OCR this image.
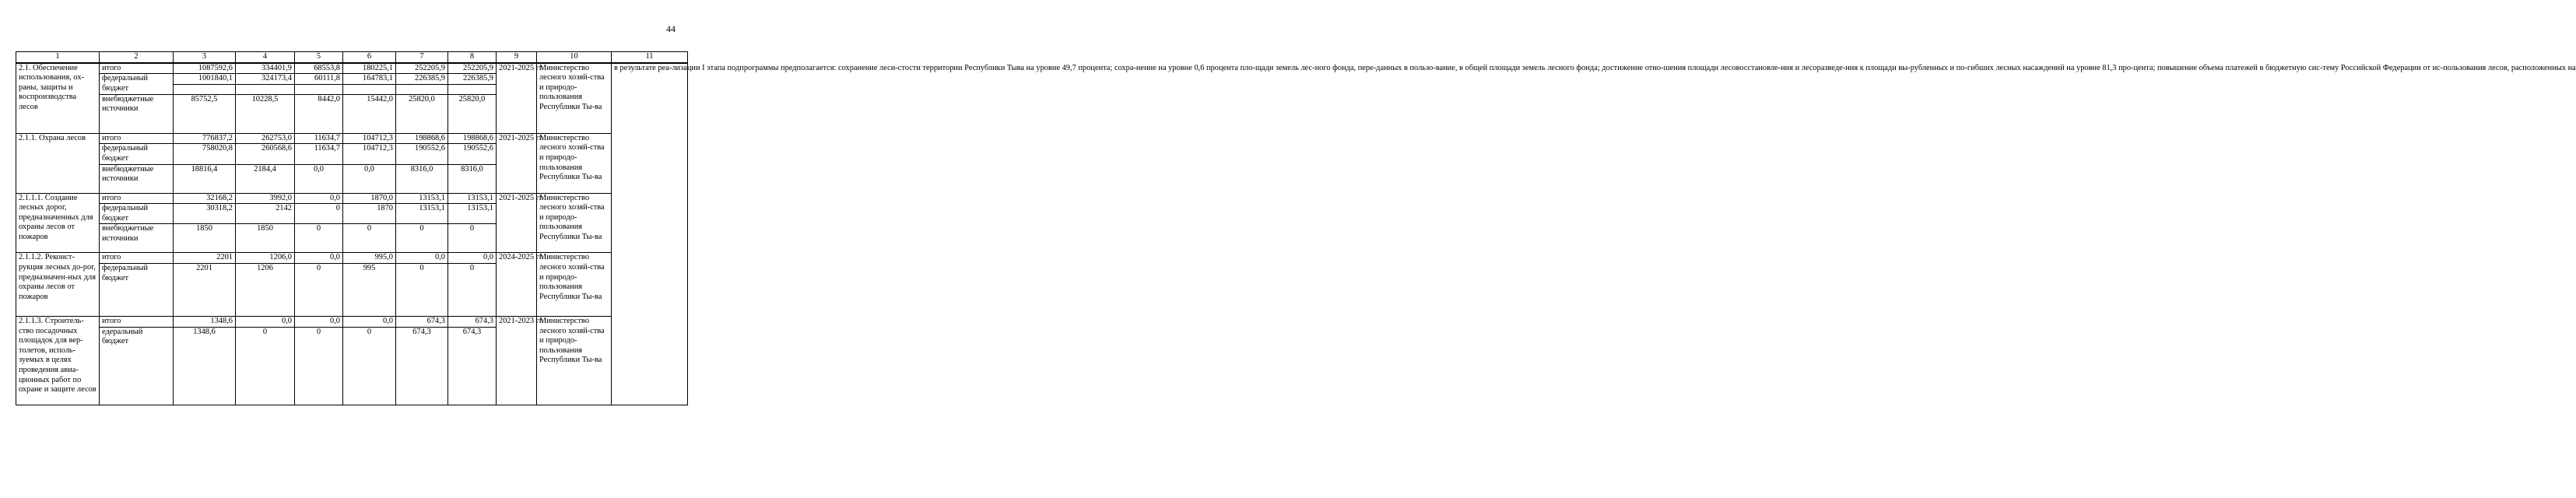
44
1	2	3	4	5	6	7	8	9	10	11
2.1. Обеспечение использования, ох-раны, защиты и воспроизводства лесов	итого	1087592,6	334401,9	68553,8	180225,1	252205,9	252205,9	2021-2025 гг.	Министерство лесного хозяй-ства и природо-пользования Республики Ты-ва	в результате реа-лизации I этапа подпрограммы предполагается: сохранение леси-стости территории Республики Тыва на уровне 49,7 процента; сохра-нение на уровне 0,6 процента пло-щади земель лес-ного фонда, пере-данных в пользо-вание, в общей площади земель лесного фонда; достижение отно-шения площади лесовосстановле-ния и лесоразведе-ния к площади вы-рубленных и по-гибших лесных насаждений на уровне 81,3 про-цента; повышение объема платежей в бюджетную сис-тему Российской Федерации от ис-пользования лесов, расположенных на
	федеральный бюджет	1001840,1	324173,4	60111,8	164783,1	226385,9	226385,9			

	внебюджетные источники	85752,5	10228,5	8442,0	15442,0	25820,0	25820,0			
2.1.1. Охрана лесов	итого	776837,2	262753,0	11634,7	104712,3	198868,6	198868,6	2021-2025 гг.	Министерство лесного хозяй-ства и природо-пользования Республики Ты-ва	
	федеральный бюджет	758020,8	260568,6	11634,7	104712,3	190552,6	190552,6			
	внебюджетные источники	18816,4	2184,4	0,0	0,0	8316,0	8316,0			
2.1.1.1. Создание лесных дорог, предназначенных для охраны лесов от пожаров	итого	32168,2	3992,0	0,0	1870,0	13153,1	13153,1	2021-2025 гг.	Министерство лесного хозяй-ства и природо-пользования Республики Ты-ва	
	федеральный бюджет	30318,2	2142	0	1870	13153,1	13153,1			
	внебюджетные источники	1850	1850	0	0	0	0			
2.1.1.2. Реконст-рукция лесных до-рог, предназначен-ных для охраны лесов от пожаров	итого	2201	1206,0	0,0	995,0	0,0	0,0	2024-2025 гг.	Министерство лесного хозяй-ства и природо-пользования Республики Ты-ва	
	федеральный бюджет	2201	1206	0	995	0	0			
2.1.1.3. Строитель-ство посадочных площадок для вер-толетов, исполь-зуемых в целях проведения авиа-ционных работ по охране и защите лесов	итого	1348,6	0,0	0,0	0,0	674,3	674,3	2021-2023 гг.	Министерство лесного хозяй-ства и природо-пользования Республики Ты-ва	
	едеральный бюджет	1348,6	0	0	0	674,3	674,3			
